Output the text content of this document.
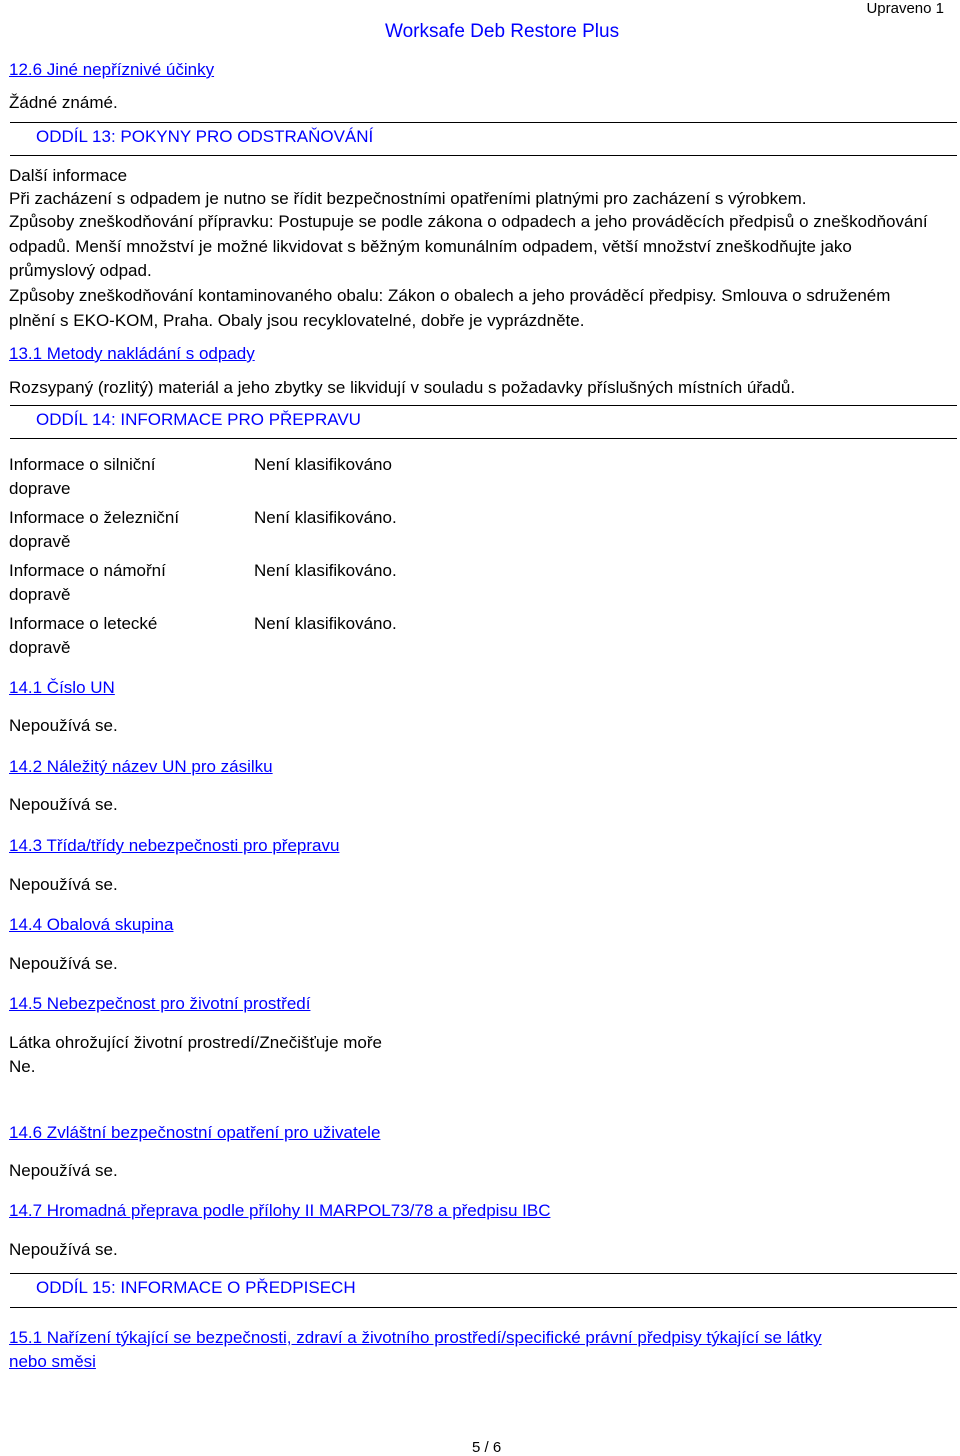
Worksafe Deb Restore Plus
Upraveno 1
12.6 Jiné nepříznivé účinky
Žádné známé.
ODDÍL 13: POKYNY PRO ODSTRAŇOVÁNÍ
Další informace
Při zacházení s odpadem je nutno se řídit bezpečnostními opatřeními platnými pro zacházení s výrobkem.
Způsoby zneškodňování přípravku: Postupuje se podle zákona o odpadech a jeho prováděcích předpisů o zneškodňování odpadů. Menší množství je možné likvidovat s běžným komunálním odpadem, větší množství zneškodňujte jako průmyslový odpad.
Způsoby zneškodňování kontaminovaného obalu: Zákon o obalech a jeho prováděcí předpisy. Smlouva o sdruženém plnění s EKO-KOM, Praha. Obaly jsou recyklovatelné, dobře je vyprázdněte.
13.1 Metody nakládání s odpady
Rozsypaný (rozlitý) materiál a jeho zbytky se likvidují v souladu s požadavky příslušných místních úřadů.
ODDÍL 14: INFORMACE PRO PŘEPRAVU
Informace o silniční doprave
Není klasifikováno
Informace o železniční dopravě
Není klasifikováno.
Informace o námořní dopravě
Není klasifikováno.
Informace o letecké dopravě
Není klasifikováno.
14.1 Číslo UN
Nepoužívá se.
14.2 Náležitý název UN pro zásilku
Nepoužívá se.
14.3 Třída/třídy nebezpečnosti pro přepravu
Nepoužívá se.
14.4 Obalová skupina
Nepoužívá se.
14.5 Nebezpečnost pro životní prostředí
Látka ohrožující životní prostredí/Znečišťuje moře
Ne.
14.6 Zvláštní bezpečnostní opatření pro uživatele
Nepoužívá se.
14.7 Hromadná přeprava podle přílohy II MARPOL73/78 a předpisu IBC
Nepoužívá se.
ODDÍL 15: INFORMACE O PŘEDPISECH
15.1 Nařízení týkající se bezpečnosti, zdraví a životního prostředí/specifické právní předpisy týkající se látky nebo směsi
5 / 6
